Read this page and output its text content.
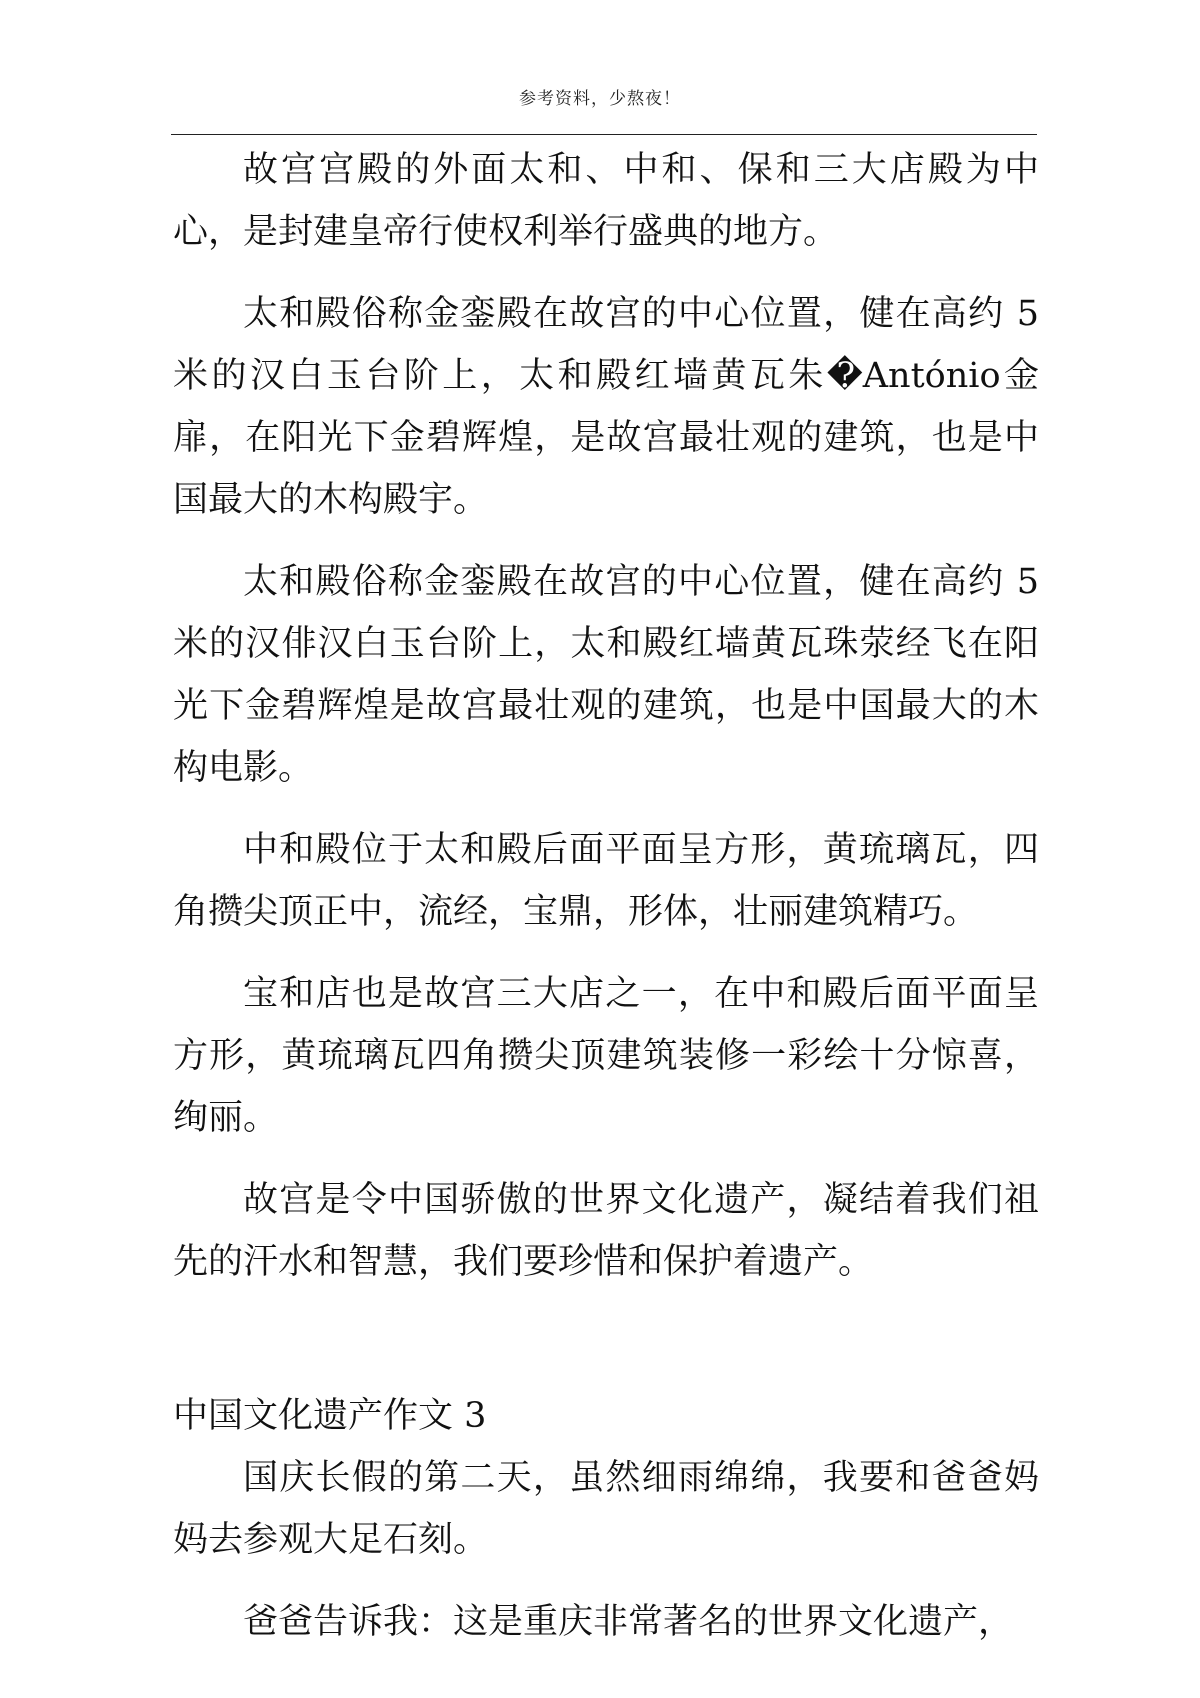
参考资料，少熬夜！

故宫宫殿的外面太和、中和、保和三大店殿为中心，是封建皇帝行使权利举行盛典的地方。

太和殿俗称金銮殿在故宫的中心位置，健在高约 5 米的汉白玉台阶上，太和殿红墙黄瓦朱�António金扉，在阳光下金碧辉煌，是故宫最壮观的建筑，也是中国最大的木构殿宇。

太和殿俗称金銮殿在故宫的中心位置，健在高约 5 米的汉俳汉白玉台阶上，太和殿红墙黄瓦珠荥经飞在阳光下金碧辉煌是故宫最壮观的建筑，也是中国最大的木构电影。

中和殿位于太和殿后面平面呈方形，黄琉璃瓦，四角攒尖顶正中，流经，宝鼎，形体，壮丽建筑精巧。

宝和店也是故宫三大店之一，在中和殿后面平面呈方形，黄琉璃瓦四角攒尖顶建筑装修一彩绘十分惊喜，绚丽。

故宫是令中国骄傲的世界文化遗产，凝结着我们祖先的汗水和智慧，我们要珍惜和保护着遗产。

中国文化遗产作文 3

国庆长假的第二天，虽然细雨绵绵，我要和爸爸妈妈去参观大足石刻。

爸爸告诉我：这是重庆非常著名的世界文化遗产，
